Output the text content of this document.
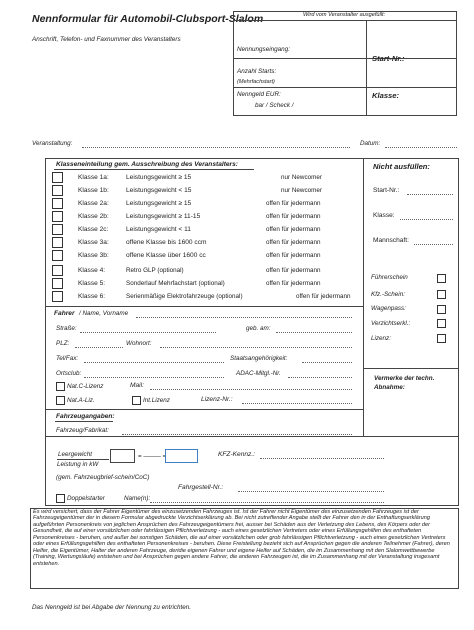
Nennformular für Automobil-Clubsport-Slalom
Anschrift, Telefon- und Faxnummer des Veranstalters
Wird vom Veranstalter ausgefüllt:
Nennungseingang:
Start-Nr.:
Anzahl Starts:
(Mehrfachstart)
Nenngeld EUR:
bar / Scheck /
Klasse:
Veranstaltung:	Datum:
Klasseneinteilung gem. Ausschreibung des Veranstalters:
Klasse 1a:	Leistungsgewicht ≥ 15	nur Newcomer
Klasse 1b:	Leistungsgewicht < 15	nur Newcomer
Klasse 2a:	Leistungsgewicht ≥ 15	offen für jedermann
Klasse 2b:	Leistungsgewicht ≥ 11-15	offen für jedermann
Klasse 2c:	Leistungsgewicht < 11	offen für jedermann
Klasse 3a:	offene Klasse bis 1600 ccm	offen für jedermann
Klasse 3b:	offene Klasse über 1600 cc	offen für jedermann
Klasse 4:	Retro GLP (optional)	offen für jedermann
Klasse 5:	Sonderlauf Mehrfachstart (optional)	offen für jedermann
Klasse 6:	Serienmäßige Elektrofahrzeuge (optional)	offen für jedermann
Nicht ausfüllen:
Start-Nr.:
Klasse:
Mannschaft:
Führerschein
Kfz.-Schein:
Wagenpass:
Verzichtserkl.:
Lizenz:
Fahrer / Name, Vorname
Straße:	geb. am:
PLZ:	Wohnort:
Tel/Fax:	Staatsangehörigkeit:
Ortsclub:	ADAC-Mitgl.-Nr.
Nat.C-Lizenz	Mail:
Nat.A-Liz.	Int.Lizenz	Lizenz-Nr.:
Vermerke der techn. Abnahme:
Fahrzeugangaben:
Fahrzeug/Fabrikat:
Leergewicht
Leistung in kW
= ––––– =	KFZ-Kennz.:
(gem. Fahrzeugbrief-schein/CoC)
Fahrgestell-Nr.:
Doppelstarter	Name(n):
Es wird versichert, dass der Fahrer Eigentümer des einzusetzenden Fahrzeuges ist. Ist der Fahrer nicht Eigentümer des einzusetzenden Fahrzeuges ist der Fahrzeugeigentümer der in diesem Formular abgedruckte Verzichtserklärung ab. Bei nicht zutreffender Angabe stellt der Fahrer den in der Enthaftungserklärung aufgeführten Personenkreis von jeglichen Ansprüchen des Fahrzeugeigentümers frei, ausser bei Schäden aus der Verletzung des Lebens, des Körpers oder der Gesundheit, die auf einer vorsätzlichen oder fahrlässigen Pflichtverletzung - auch eines gesetzlichen Vertreters oder eines Erfüllungsgehilfen des enthafteten Personenkreises - beruhen, und außer bei sonstigen Schäden, die auf einer vorsätzlichen oder grob fahrlässigen Pflichtverletzung - auch eines gesetzlichen Vertreters oder eines Erfüllungsgehilfen des enthafteten Personenkreises - beruhen. Diese Freistellung bezieht sich auf Ansprüchen gegen die anderen Teilnehmer (Fahrer), deren Helfer, die Eigentümer, Halter der anderen Fahrzeuge, deridie eigenen Fahrer und eigene Helfer auf Schäden, die im Zusammenhang mit den Slalomwettbewerbe (Training, Wertungsläufe) entstehen und bei Ansprüchen gegen andere Fahrer, die anderen Fahrzeugen ist, die im Zusammenhang mit der Veranstaltung insgesamt entstehen.
Das Nenngeld ist bei Abgabe der Nennung zu entrichten.
